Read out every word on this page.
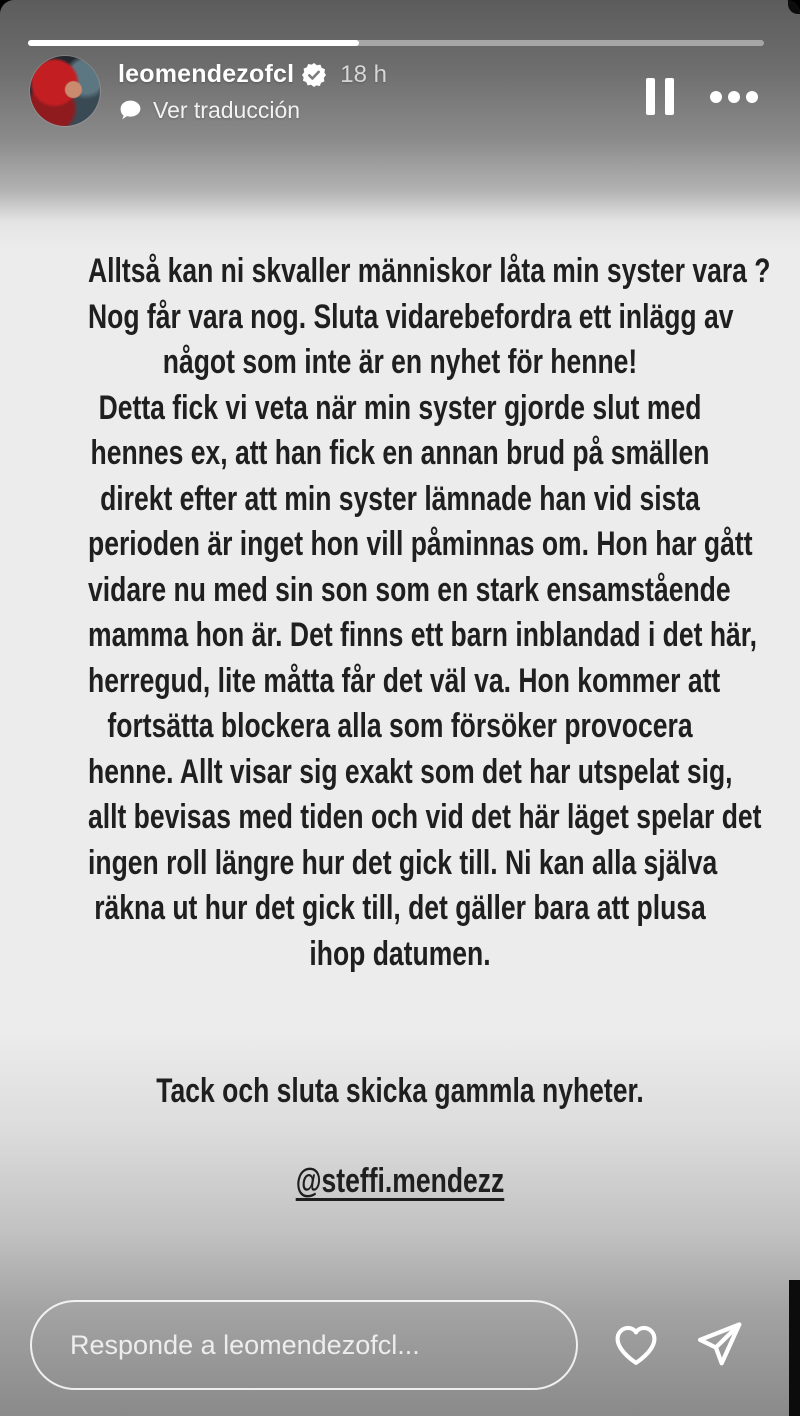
leomendezofcl 18 h
Ver traducción
Alltså kan ni skvaller människor låta min syster vara ?
Nog får vara nog. Sluta vidarebefordra ett inlägg av
något som inte är en nyhet för henne!
Detta fick vi veta när min syster gjorde slut med
hennes ex, att han fick en annan brud på smällen
direkt efter att min syster lämnade han vid sista
perioden är inget hon vill påminnas om. Hon har gått
vidare nu med sin son som en stark ensamstående
mamma hon är. Det finns ett barn inblandad i det här,
herregud, lite måtta får det väl va. Hon kommer att
fortsätta blockera alla som försöker provocera
henne. Allt visar sig exakt som det har utspelat sig,
allt bevisas med tiden och vid det här läget spelar det
ingen roll längre hur det gick till. Ni kan alla själva
räkna ut hur det gick till, det gäller bara att plusa
ihop datumen.
Tack och sluta skicka gammla nyheter.
@steffi.mendezz
Responde a leomendezofcl...
